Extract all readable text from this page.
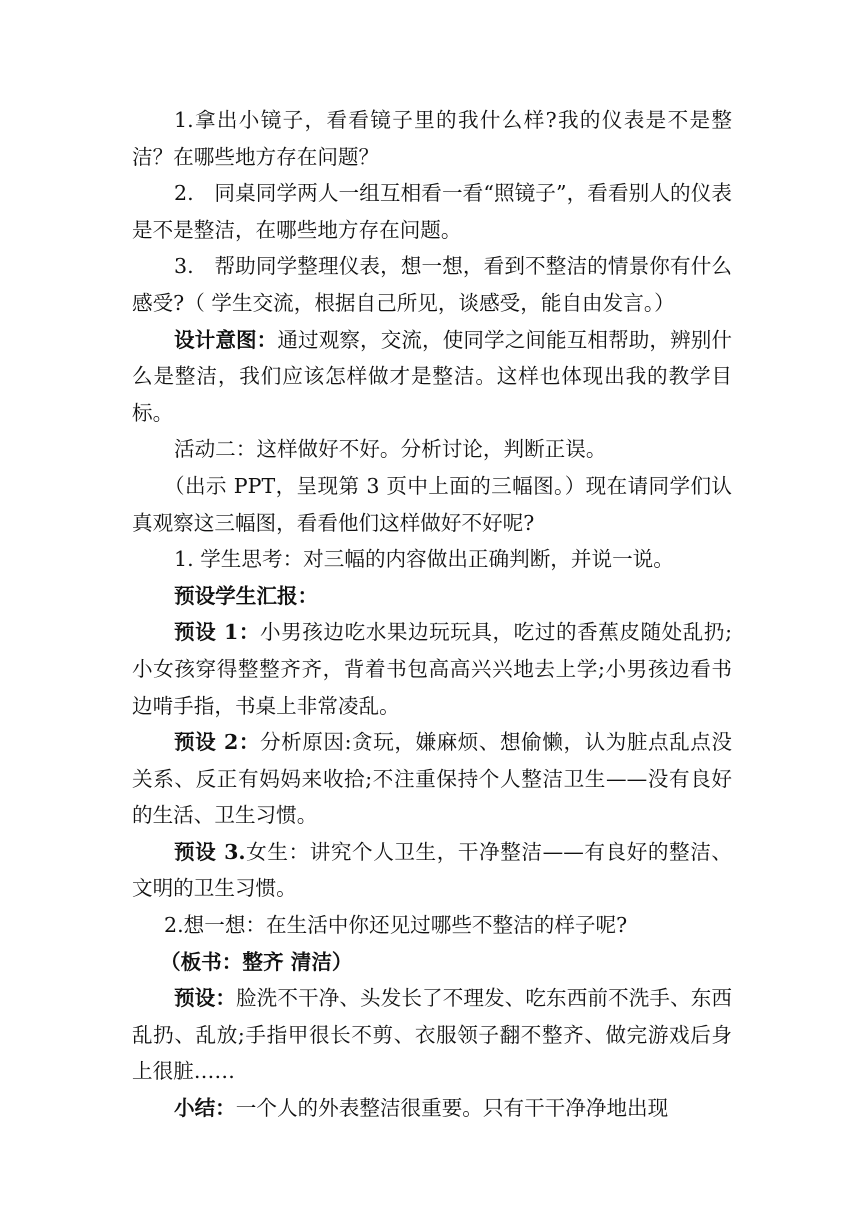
1.拿出小镜子，看看镜子里的我什么样?我的仪表是不是整洁？在哪些地方存在问题？

2.　同桌同学两人一组互相看一看“照镜子”，看看别人的仪表是不是整洁，在哪些地方存在问题。

3.　帮助同学整理仪表，想一想，看到不整洁的情景你有什么感受?（ 学生交流，根据自己所见，谈感受，能自由发言。）

设计意图：通过观察，交流，使同学之间能互相帮助，辨别什么是整洁，我们应该怎样做才是整洁。这样也体现出我的教学目标。

活动二：这样做好不好。分析讨论，判断正误。

（出示 PPT，呈现第 3 页中上面的三幅图。）现在请同学们认真观察这三幅图，看看他们这样做好不好呢?

1. 学生思考：对三幅的内容做出正确判断，并说一说。

预设学生汇报：

预设 1：小男孩边吃水果边玩玩具，吃过的香蕉皮随处乱扔;小女孩穿得整整齐齐，背着书包高高兴兴地去上学;小男孩边看书边啃手指，书桌上非常凌乱。

预设 2：分析原因:贪玩，嫌麻烦、想偷懒，认为脏点乱点没关系、反正有妈妈来收拾;不注重保持个人整洁卫生——没有良好的生活、卫生习惯。

预设 3.女生：讲究个人卫生，干净整洁——有良好的整洁、文明的卫生习惯。

2.想一想：在生活中你还见过哪些不整洁的样子呢?

（板书：整齐 清洁）

预设：脸洗不干净、头发长了不理发、吃东西前不洗手、东西乱扔、乱放;手指甲很长不剪、衣服领子翻不整齐、做完游戏后身上很脏……

小结：一个人的外表整洁很重要。只有干干净净地出现
